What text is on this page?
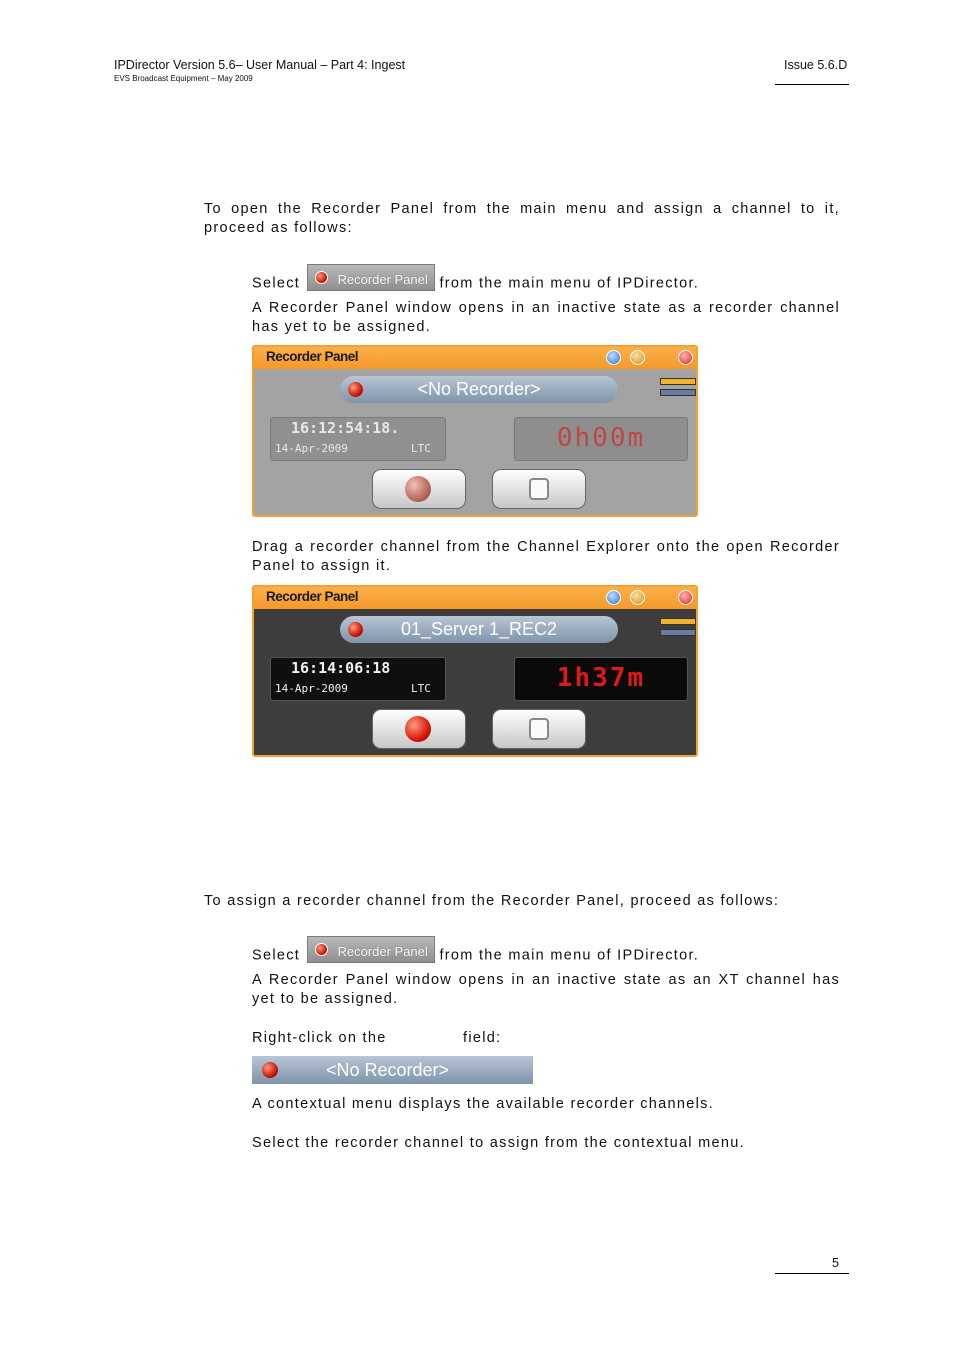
IPDirector Version 5.6– User Manual – Part 4: Ingest
EVS Broadcast Equipment – May 2009
Issue 5.6.D
To open the Recorder Panel from the main menu and assign a channel to it, proceed as follows:
Select	Recorder Panel from the main menu of IPDirector.
A Recorder Panel window opens in an inactive state as a recorder channel has yet to be assigned.
Recorder Panel
<No Recorder>
16:12:54:18.
14-Apr-2009	LTC	0h00m
Drag a recorder channel from the Channel Explorer onto the open Recorder Panel to assign it.
Recorder Panel
01_Server 1_REC2
16:14:06:18
14-Apr-2009	LTC	1h37m
To assign a recorder channel from the Recorder Panel, proceed as follows:
Select	Recorder Panel from the main menu of IPDirector.
A Recorder Panel window opens in an inactive state as an XT channel has yet to be assigned.
Right-click on the	field:
<No Recorder>
A contextual menu displays the available recorder channels.
Select the recorder channel to assign from the contextual menu.
5
